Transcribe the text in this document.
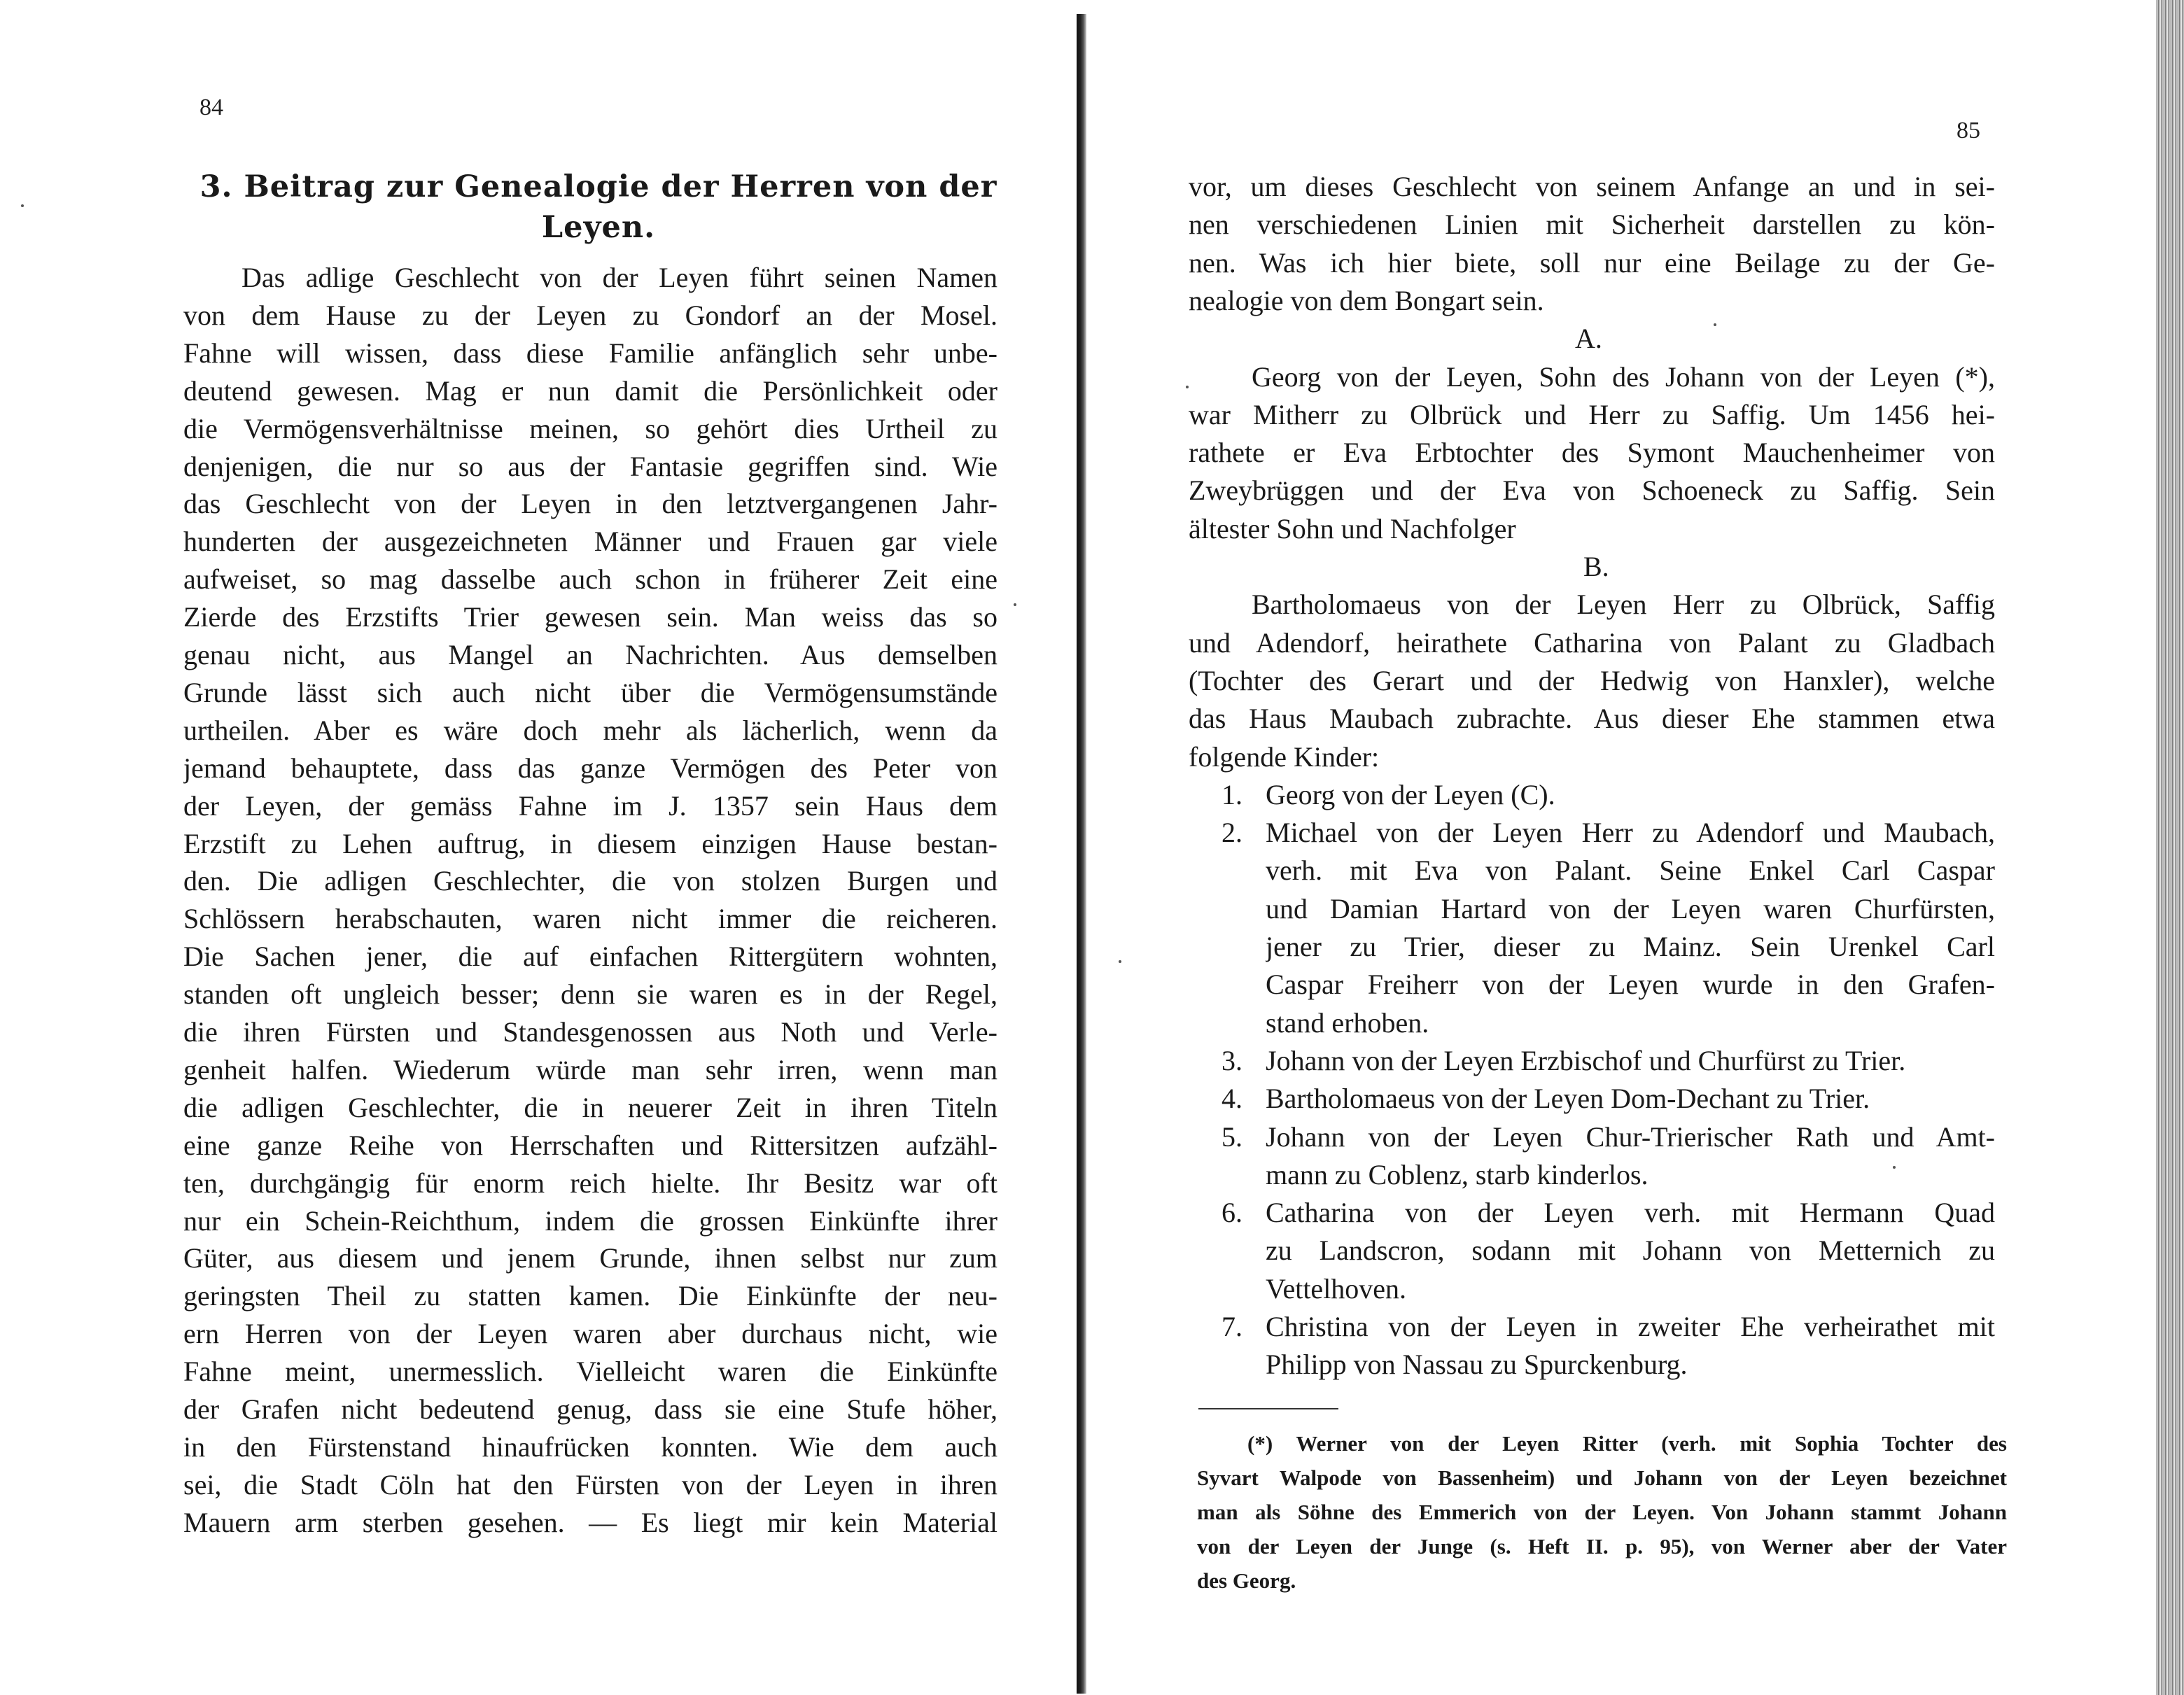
84
3. Beitrag zur Genealogie der Herren von der
Leyen.
Das adlige Geschlecht von der Leyen führt seinen Namen
von dem Hause zu der Leyen zu Gondorf an der Mosel.
Fahne will wissen, dass diese Familie anfänglich sehr unbe-
deutend gewesen. Mag er nun damit die Persönlichkeit oder
die Vermögensverhältnisse meinen, so gehört dies Urtheil zu
denjenigen, die nur so aus der Fantasie gegriffen sind. Wie
das Geschlecht von der Leyen in den letztvergangenen Jahr-
hunderten der ausgezeichneten Männer und Frauen gar viele
aufweiset, so mag dasselbe auch schon in früherer Zeit eine
Zierde des Erzstifts Trier gewesen sein. Man weiss das so
genau nicht, aus Mangel an Nachrichten. Aus demselben
Grunde lässt sich auch nicht über die Vermögensumstände
urtheilen. Aber es wäre doch mehr als lächerlich, wenn da
jemand behauptete, dass das ganze Vermögen des Peter von
der Leyen, der gemäss Fahne im J. 1357 sein Haus dem
Erzstift zu Lehen auftrug, in diesem einzigen Hause bestan-
den. Die adligen Geschlechter, die von stolzen Burgen und
Schlössern herabschauten, waren nicht immer die reicheren.
Die Sachen jener, die auf einfachen Rittergütern wohnten,
standen oft ungleich besser; denn sie waren es in der Regel,
die ihren Fürsten und Standesgenossen aus Noth und Verle-
genheit halfen. Wiederum würde man sehr irren, wenn man
die adligen Geschlechter, die in neuerer Zeit in ihren Titeln
eine ganze Reihe von Herrschaften und Rittersitzen aufzähl-
ten, durchgängig für enorm reich hielte. Ihr Besitz war oft
nur ein Schein-Reichthum, indem die grossen Einkünfte ihrer
Güter, aus diesem und jenem Grunde, ihnen selbst nur zum
geringsten Theil zu statten kamen. Die Einkünfte der neu-
ern Herren von der Leyen waren aber durchaus nicht, wie
Fahne meint, unermesslich. Vielleicht waren die Einkünfte
der Grafen nicht bedeutend genug, dass sie eine Stufe höher,
in den Fürstenstand hinaufrücken konnten. Wie dem auch
sei, die Stadt Cöln hat den Fürsten von der Leyen in ihren
Mauern arm sterben gesehen. — Es liegt mir kein Material
85
vor, um dieses Geschlecht von seinem Anfange an und in sei-
nen verschiedenen Linien mit Sicherheit darstellen zu kön-
nen. Was ich hier biete, soll nur eine Beilage zu der Ge-
nealogie von dem Bongart sein.
A.
Georg von der Leyen, Sohn des Johann von der Leyen (*),
war Mitherr zu Olbrück und Herr zu Saffig. Um 1456 hei-
rathete er Eva Erbtochter des Symont Mauchenheimer von
Zweybrüggen und der Eva von Schoeneck zu Saffig. Sein
ältester Sohn und Nachfolger
B.
Bartholomaeus von der Leyen Herr zu Olbrück, Saffig
und Adendorf, heirathete Catharina von Palant zu Gladbach
(Tochter des Gerart und der Hedwig von Hanxler), welche
das Haus Maubach zubrachte. Aus dieser Ehe stammen etwa
folgende Kinder:
1. Georg von der Leyen (C).
2. Michael von der Leyen Herr zu Adendorf und Maubach,
verh. mit Eva von Palant. Seine Enkel Carl Caspar
und Damian Hartard von der Leyen waren Churfürsten,
jener zu Trier, dieser zu Mainz. Sein Urenkel Carl
Caspar Freiherr von der Leyen wurde in den Grafen-
stand erhoben.
3. Johann von der Leyen Erzbischof und Churfürst zu Trier.
4. Bartholomaeus von der Leyen Dom-Dechant zu Trier.
5. Johann von der Leyen Chur-Trierischer Rath und Amt-
mann zu Coblenz, starb kinderlos.
6. Catharina von der Leyen verh. mit Hermann Quad
zu Landscron, sodann mit Johann von Metternich zu
Vettelhoven.
7. Christina von der Leyen in zweiter Ehe verheirathet mit
Philipp von Nassau zu Spurckenburg.
(*) Werner von der Leyen Ritter (verh. mit Sophia Tochter des
Syvart Walpode von Bassenheim) und Johann von der Leyen bezeichnet
man als Söhne des Emmerich von der Leyen. Von Johann stammt Johann
von der Leyen der Junge (s. Heft II. p. 95), von Werner aber der Vater
des Georg.
